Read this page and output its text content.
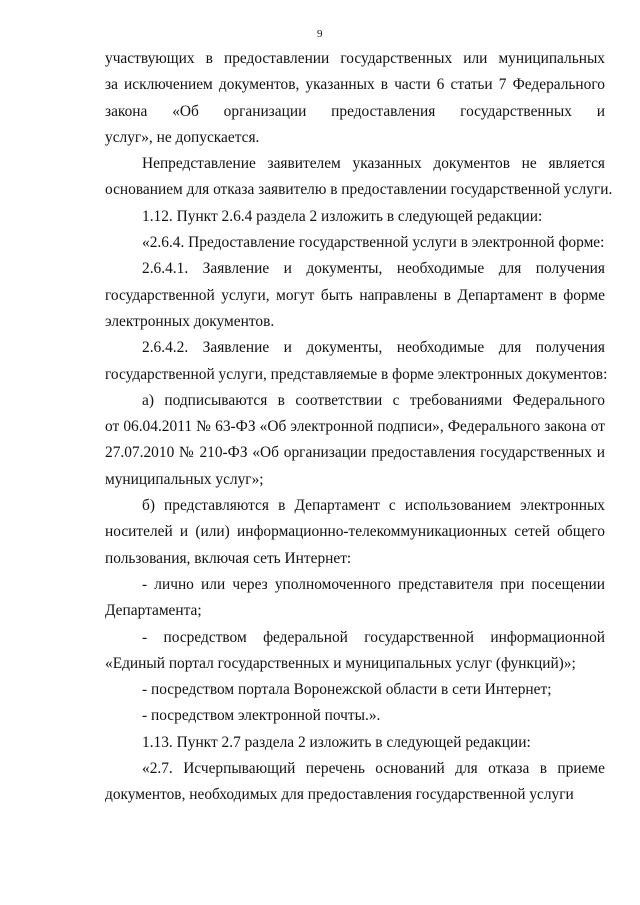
9
участвующих в предоставлении государственных или муниципальных
за исключением документов, указанных в части 6 статьи 7 Федерального
закона «Об организации предоставления государственных и
услуг», не допускается.
Непредставление заявителем указанных документов не является
основанием для отказа заявителю в предоставлении государственной услуги.
1.12. Пункт 2.6.4 раздела 2 изложить в следующей редакции:
«2.6.4. Предоставление государственной услуги в электронной форме:
2.6.4.1. Заявление и документы, необходимые для получения
государственной услуги, могут быть направлены в Департамент в форме
электронных документов.
2.6.4.2. Заявление и документы, необходимые для получения
государственной услуги, представляемые в форме электронных документов:
а) подписываются в соответствии с требованиями Федерального
от 06.04.2011 № 63-ФЗ «Об электронной подписи», Федерального закона от
27.07.2010 № 210-ФЗ «Об организации предоставления государственных и
муниципальных услуг»;
б) представляются в Департамент с использованием электронных
носителей и (или) информационно-телекоммуникационных сетей общего
пользования, включая сеть Интернет:
- лично или через уполномоченного представителя при посещении
Департамента;
- посредством федеральной государственной информационной
«Единый портал государственных и муниципальных услуг (функций)»;
- посредством портала Воронежской области в сети Интернет;
- посредством электронной почты.».
1.13. Пункт 2.7 раздела 2 изложить в следующей редакции:
«2.7. Исчерпывающий перечень оснований для отказа в приеме
документов, необходимых для предоставления государственной услуги
